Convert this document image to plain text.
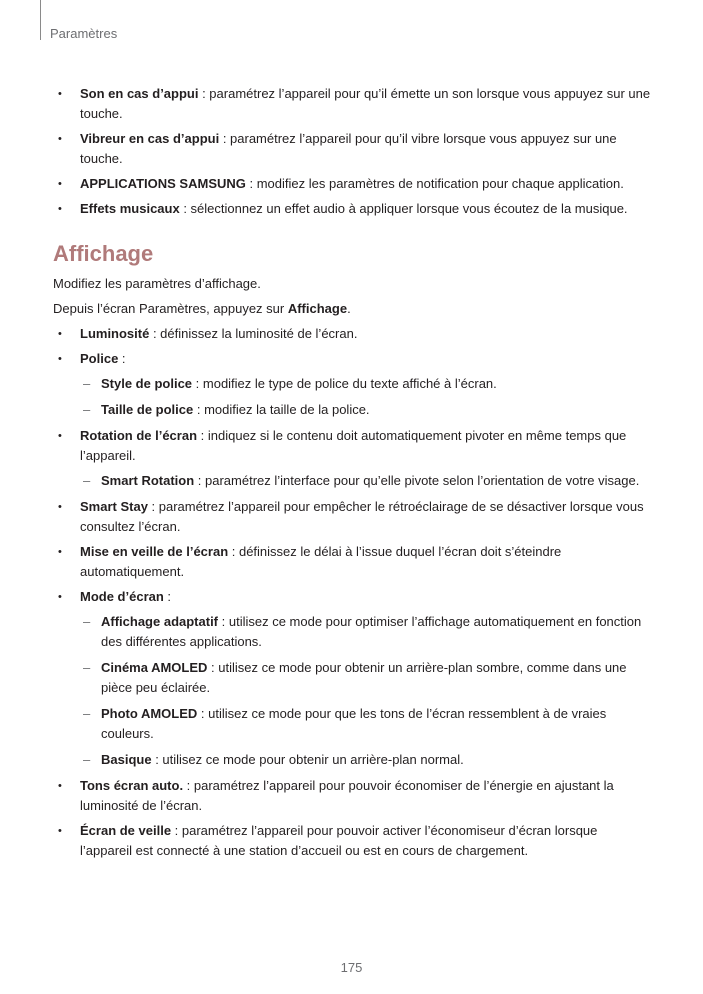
Paramètres
• Son en cas d’appui : paramétrez l’appareil pour qu’il émette un son lorsque vous appuyez sur une touche.
• Vibreur en cas d’appui : paramétrez l’appareil pour qu’il vibre lorsque vous appuyez sur une touche.
• APPLICATIONS SAMSUNG : modifiez les paramètres de notification pour chaque application.
• Effets musicaux : sélectionnez un effet audio à appliquer lorsque vous écoutez de la musique.
Affichage

Modifiez les paramètres d’affichage.

Depuis l’écran Paramètres, appuyez sur Affichage.

• Luminosité : définissez la luminosité de l’écran.
• Police :
– Style de police : modifiez le type de police du texte affiché à l’écran.
– Taille de police : modifiez la taille de la police.
• Rotation de l’écran : indiquez si le contenu doit automatiquement pivoter en même temps que l’appareil.
– Smart Rotation : paramétrez l’interface pour qu’elle pivote selon l’orientation de votre visage.
• Smart Stay : paramétrez l’appareil pour empêcher le rétroéclairage de se désactiver lorsque vous consultez l’écran.
• Mise en veille de l’écran : définissez le délai à l’issue duquel l’écran doit s’éteindre automatiquement.
• Mode d’écran :
– Affichage adaptatif : utilisez ce mode pour optimiser l’affichage automatiquement en fonction des différentes applications.
– Cinéma AMOLED : utilisez ce mode pour obtenir un arrière-plan sombre, comme dans une pièce peu éclairée.
– Photo AMOLED : utilisez ce mode pour que les tons de l’écran ressemblent à de vraies couleurs.
– Basique : utilisez ce mode pour obtenir un arrière-plan normal.
• Tons écran auto. : paramétrez l’appareil pour pouvoir économiser de l’énergie en ajustant la luminosité de l’écran.
• Écran de veille : paramétrez l’appareil pour pouvoir activer l’économiseur d’écran lorsque l’appareil est connecté à une station d’accueil ou est en cours de chargement.
175
